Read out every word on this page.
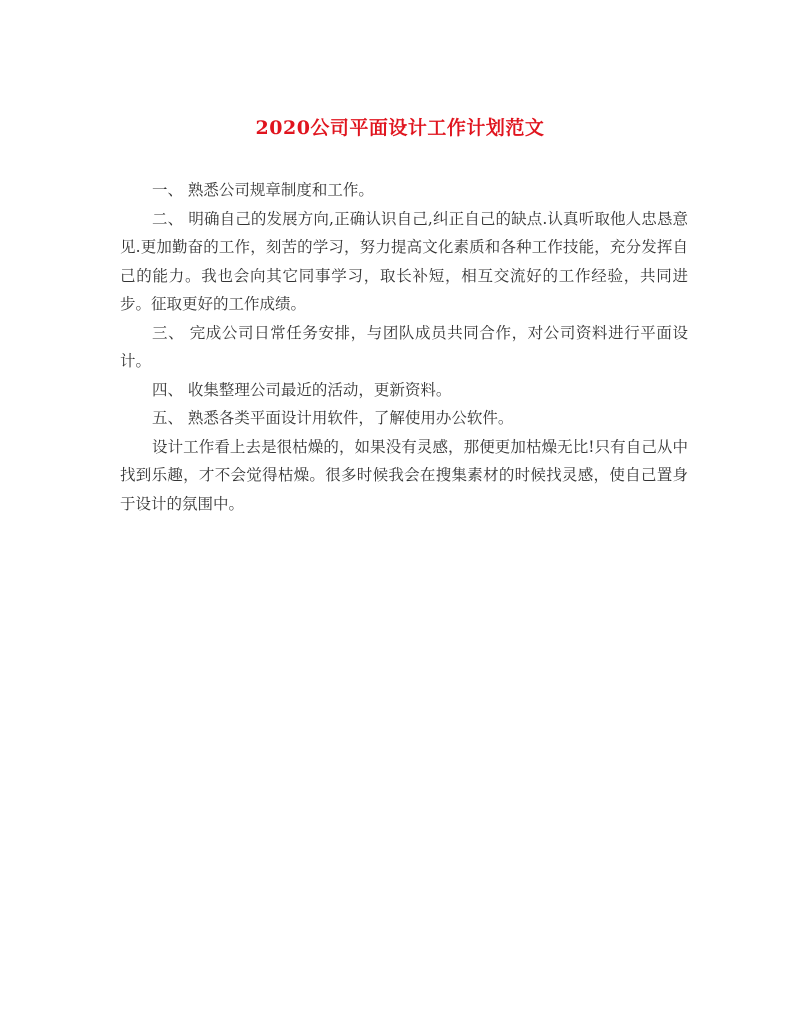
2020公司平面设计工作计划范文

一、 熟悉公司规章制度和工作。

二、 明确自己的发展方向,正确认识自己,纠正自己的缺点.认真听取他人忠恳意见.更加勤奋的工作，刻苦的学习，努力提高文化素质和各种工作技能，充分发挥自己的能力。我也会向其它同事学习，取长补短，相互交流好的工作经验，共同进步。征取更好的工作成绩。

三、 完成公司日常任务安排，与团队成员共同合作，对公司资料进行平面设计。

四、 收集整理公司最近的活动，更新资料。

五、 熟悉各类平面设计用软件，了解使用办公软件。

设计工作看上去是很枯燥的，如果没有灵感，那便更加枯燥无比!只有自己从中找到乐趣，才不会觉得枯燥。很多时候我会在搜集素材的时候找灵感，使自己置身于设计的氛围中。
